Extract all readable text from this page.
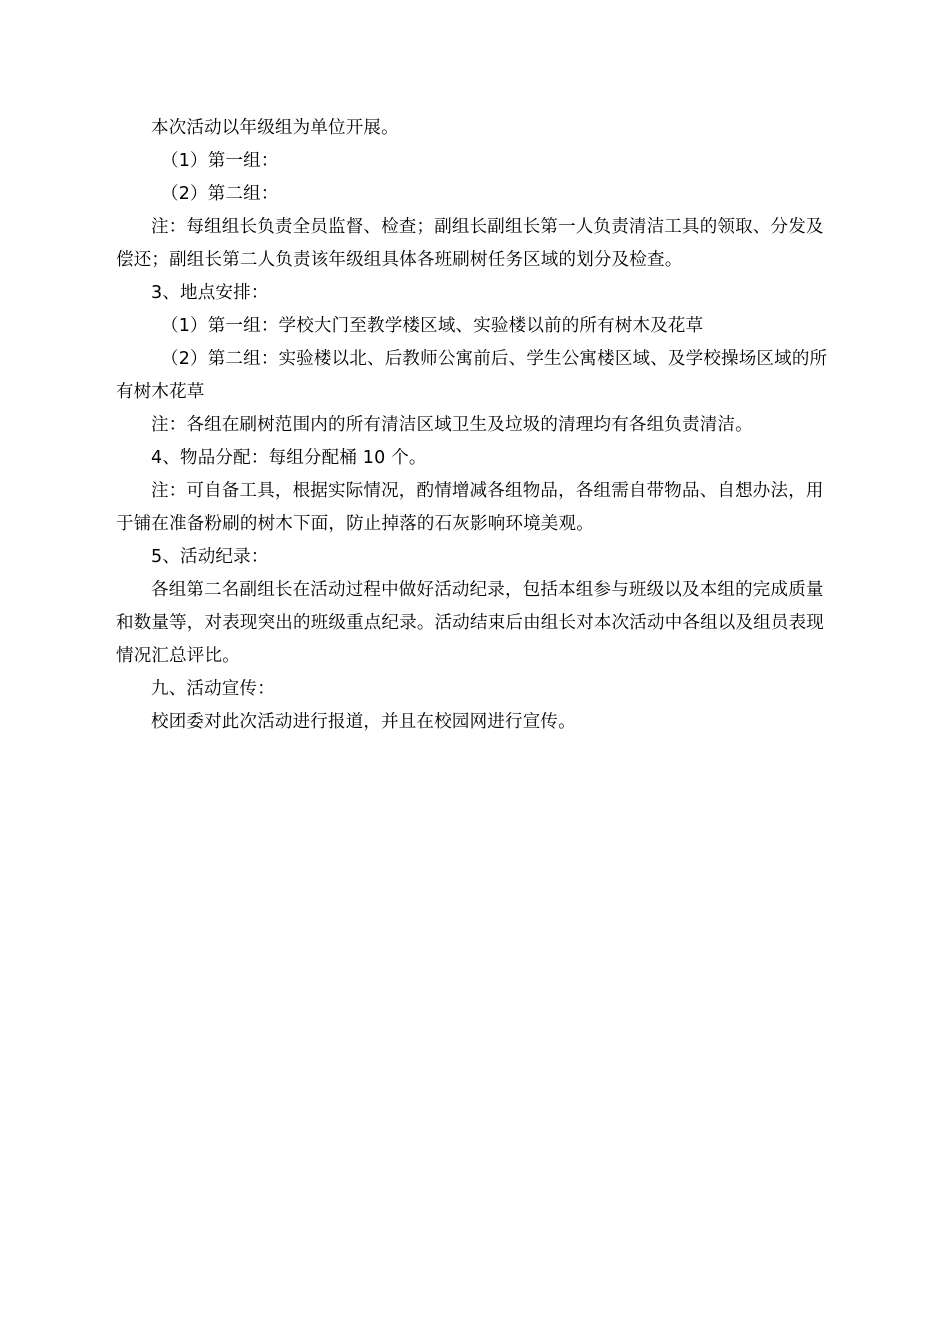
本次活动以年级组为单位开展。

（1）第一组：

（2）第二组：

注：每组组长负责全员监督、检查；副组长副组长第一人负责清洁工具的领取、分发及偿还；副组长第二人负责该年级组具体各班刷树任务区域的划分及检查。

3、地点安排：

（1）第一组：学校大门至教学楼区域、实验楼以前的所有树木及花草

（2）第二组：实验楼以北、后教师公寓前后、学生公寓楼区域、及学校操场区域的所有树木花草

注：各组在刷树范围内的所有清洁区域卫生及垃圾的清理均有各组负责清洁。

4、物品分配：每组分配桶 10 个。

注：可自备工具，根据实际情况，酌情增减各组物品，各组需自带物品、自想办法，用于铺在准备粉刷的树木下面，防止掉落的石灰影响环境美观。

5、活动纪录：

各组第二名副组长在活动过程中做好活动纪录，包括本组参与班级以及本组的完成质量和数量等，对表现突出的班级重点纪录。活动结束后由组长对本次活动中各组以及组员表现情况汇总评比。

九、活动宣传：

校团委对此次活动进行报道，并且在校园网进行宣传。
